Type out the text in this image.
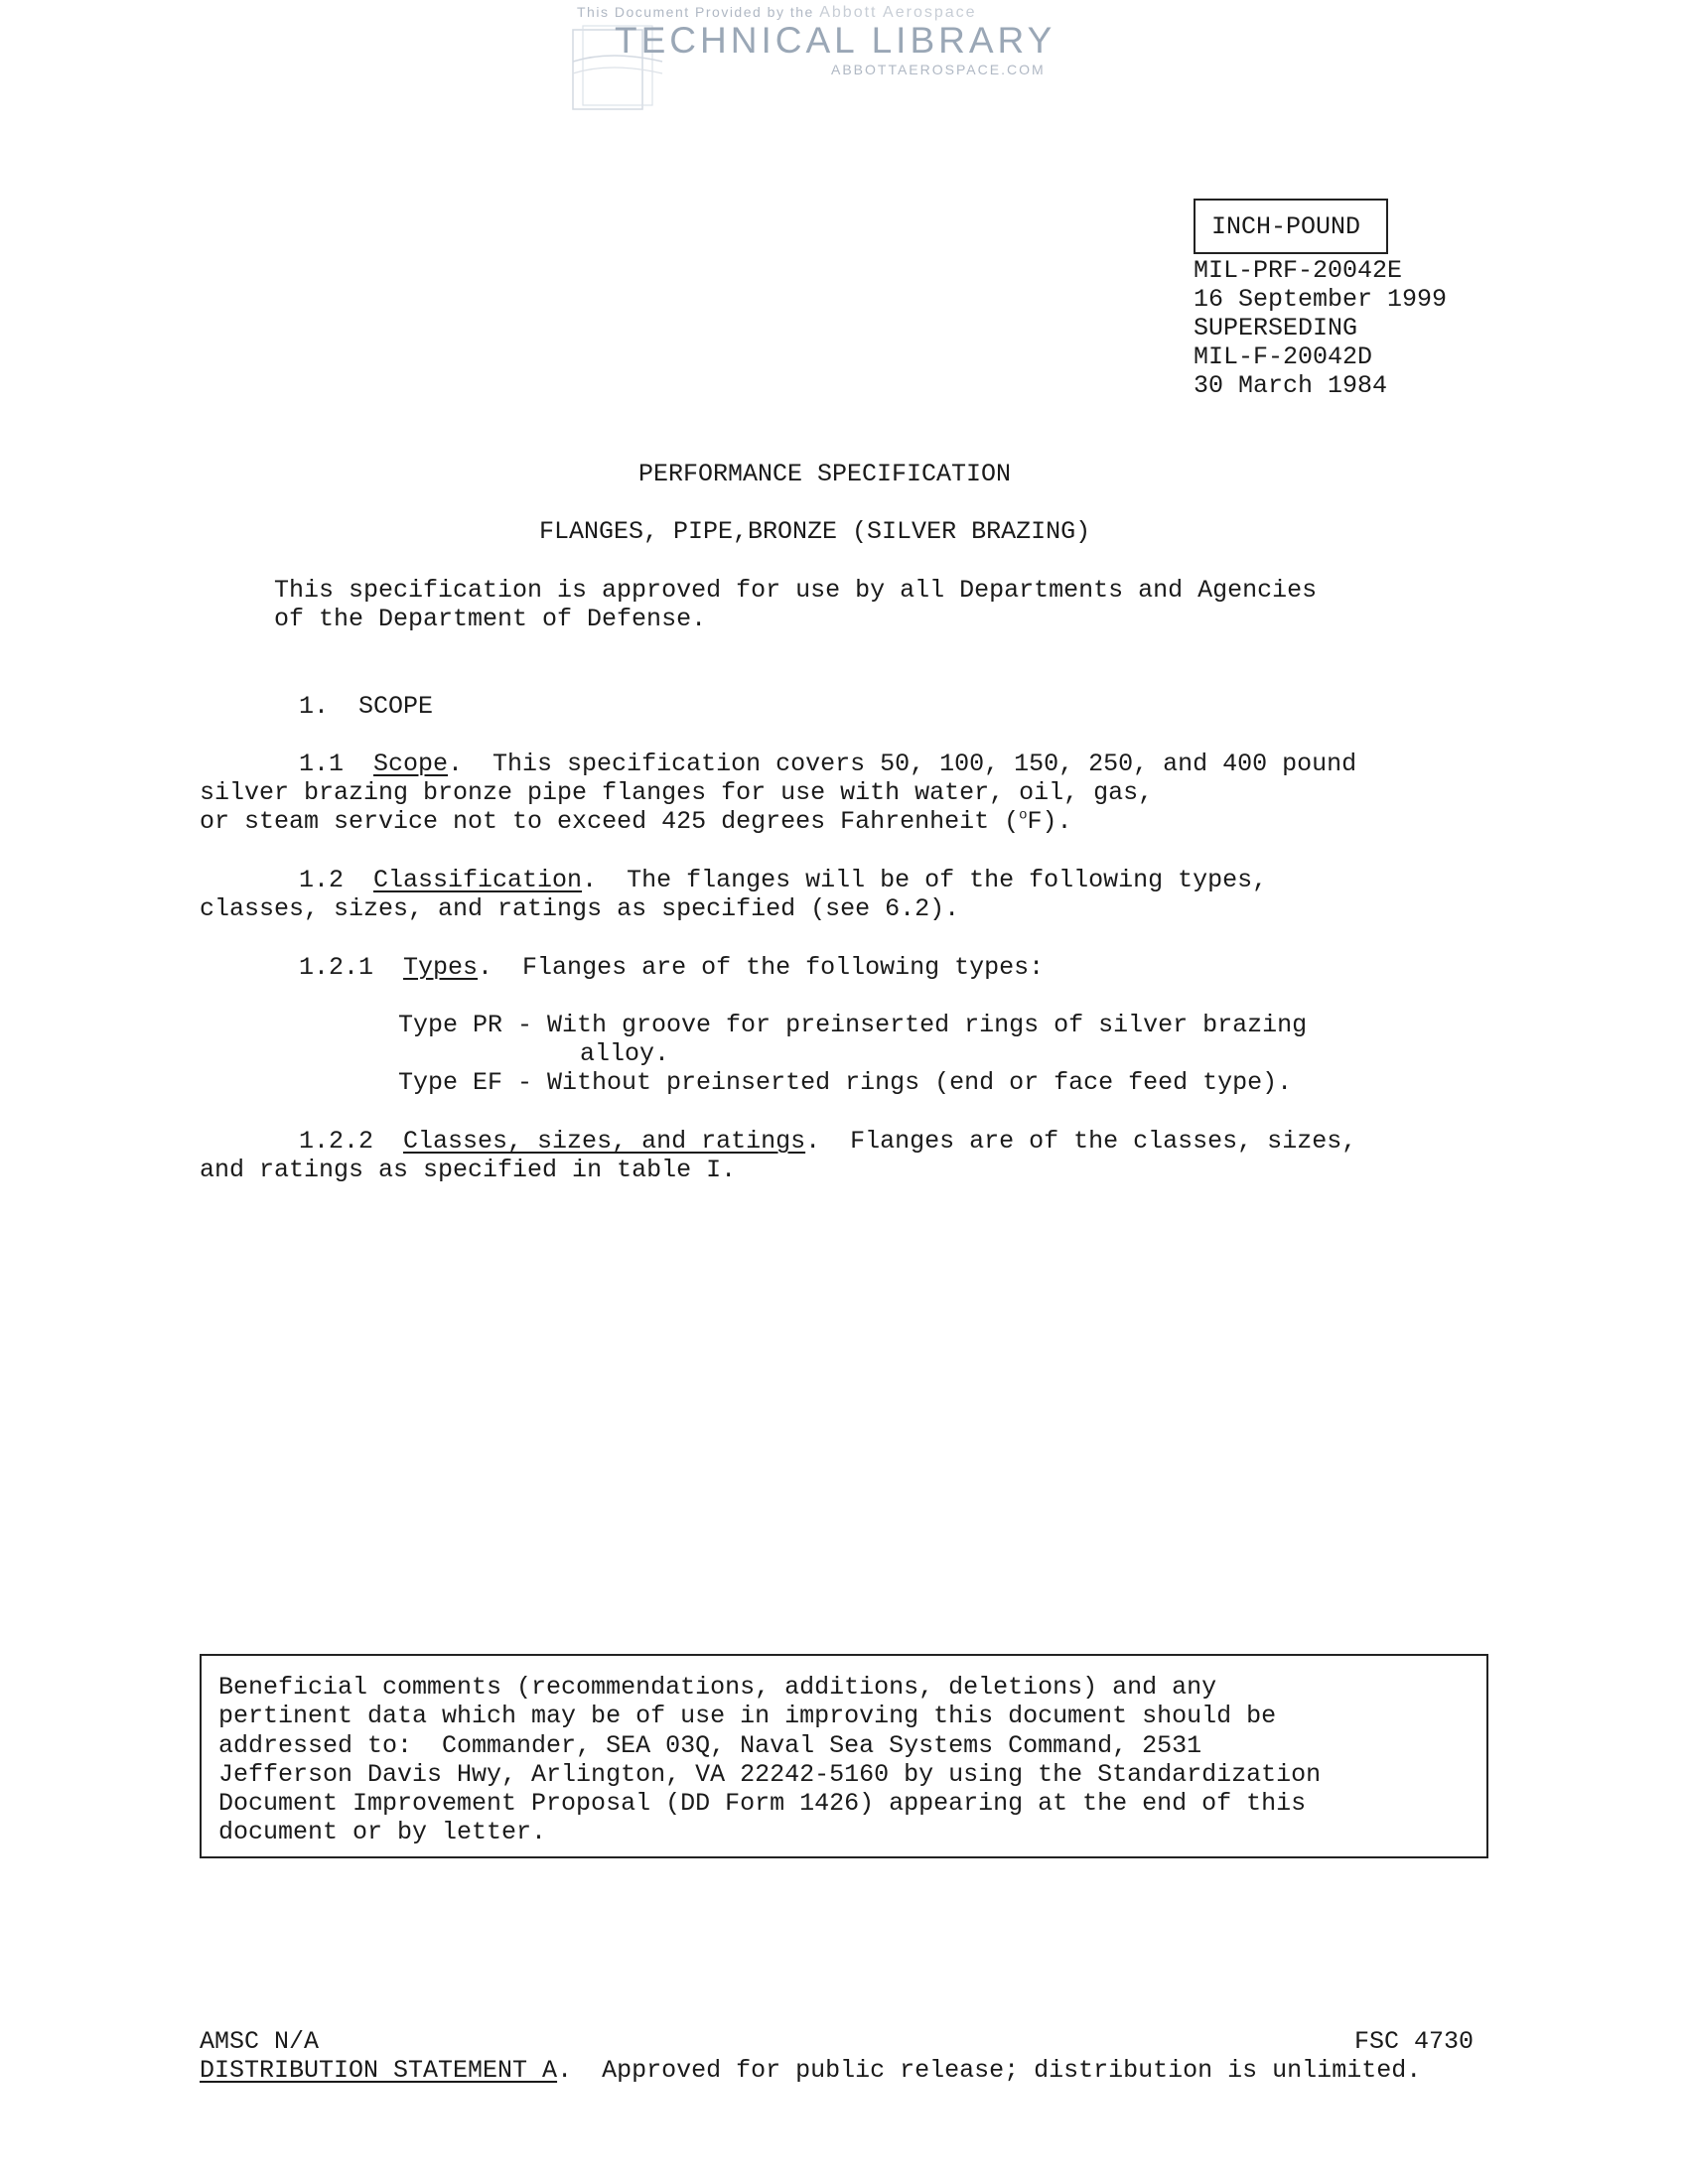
This Document Provided by the Abbott Aerospace
TECHNICAL LIBRARY
ABBOTTAEROSPACE.COM
INCH-POUND
MIL-PRF-20042E
16 September 1999
SUPERSEDING
MIL-F-20042D
30 March 1984
PERFORMANCE SPECIFICATION
FLANGES, PIPE,BRONZE (SILVER BRAZING)
This specification is approved for use by all Departments and Agencies
of the Department of Defense.
1.  SCOPE
1.1  Scope.  This specification covers 50, 100, 150, 250, and 400 pound
silver brazing bronze pipe flanges for use with water, oil, gas,
or steam service not to exceed 425 degrees Fahrenheit ($^o$F).
1.2  Classification.  The flanges will be of the following types,
classes, sizes, and ratings as specified (see 6.2).
1.2.1  Types.  Flanges are of the following types:
Type PR - With groove for preinserted rings of silver brazing
alloy.
Type EF - Without preinserted rings (end or face feed type).
1.2.2  Classes, sizes, and ratings.  Flanges are of the classes, sizes,
and ratings as specified in table I.
Beneficial comments (recommendations, additions, deletions) and any
pertinent data which may be of use in improving this document should be
addressed to:  Commander, SEA 03Q, Naval Sea Systems Command, 2531
Jefferson Davis Hwy, Arlington, VA 22242-5160 by using the Standardization
Document Improvement Proposal (DD Form 1426) appearing at the end of this
document or by letter.
AMSC N/A	FSC 4730
DISTRIBUTION STATEMENT A.  Approved for public release; distribution is unlimited.
